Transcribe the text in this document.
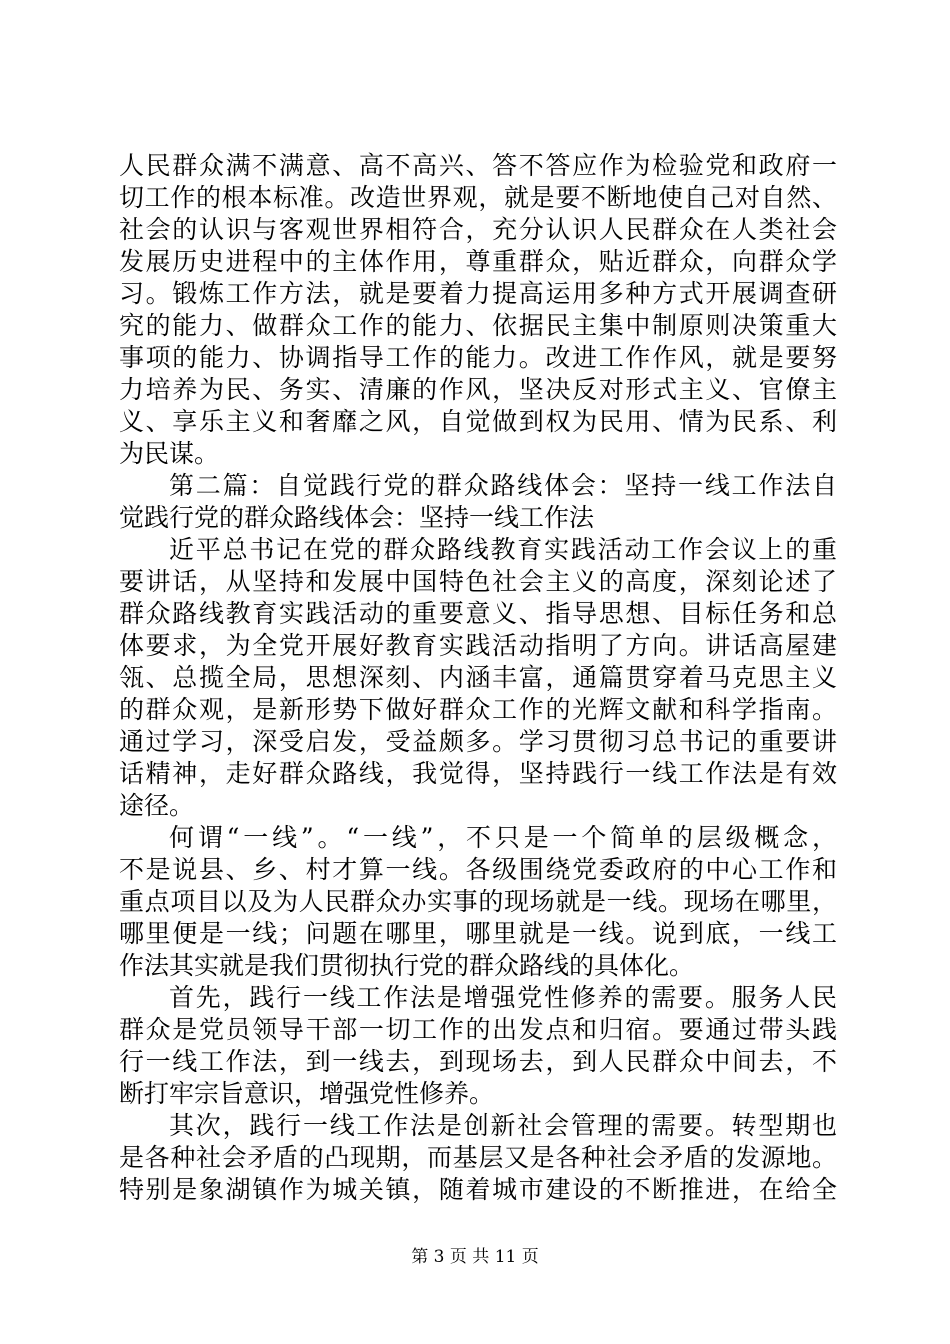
人民群众满不满意、高不高兴、答不答应作为检验党和政府一
切工作的根本标准。改造世界观，就是要不断地使自己对自然、
社会的认识与客观世界相符合，充分认识人民群众在人类社会
发展历史进程中的主体作用，尊重群众，贴近群众，向群众学
习。锻炼工作方法，就是要着力提高运用多种方式开展调查研
究的能力、做群众工作的能力、依据民主集中制原则决策重大
事项的能力、协调指导工作的能力。改进工作作风，就是要努
力培养为民、务实、清廉的作风，坚决反对形式主义、官僚主
义、享乐主义和奢靡之风，自觉做到权为民用、情为民系、利
为民谋。
第二篇：自觉践行党的群众路线体会：坚持一线工作法自
觉践行党的群众路线体会：坚持一线工作法
近平总书记在党的群众路线教育实践活动工作会议上的重
要讲话，从坚持和发展中国特色社会主义的高度，深刻论述了
群众路线教育实践活动的重要意义、指导思想、目标任务和总
体要求，为全党开展好教育实践活动指明了方向。讲话高屋建
瓴、总揽全局，思想深刻、内涵丰富，通篇贯穿着马克思主义
的群众观，是新形势下做好群众工作的光辉文献和科学指南。
通过学习，深受启发，受益颇多。学习贯彻习总书记的重要讲
话精神，走好群众路线，我觉得，坚持践行一线工作法是有效
途径。
何谓“一线”。“一线”，不只是一个简单的层级概念，
不是说县、乡、村才算一线。各级围绕党委政府的中心工作和
重点项目以及为人民群众办实事的现场就是一线。现场在哪里，
哪里便是一线；问题在哪里，哪里就是一线。说到底，一线工
作法其实就是我们贯彻执行党的群众路线的具体化。
首先，践行一线工作法是增强党性修养的需要。服务人民
群众是党员领导干部一切工作的出发点和归宿。要通过带头践
行一线工作法，到一线去，到现场去，到人民群众中间去，不
断打牢宗旨意识，增强党性修养。
其次，践行一线工作法是创新社会管理的需要。转型期也
是各种社会矛盾的凸现期，而基层又是各种社会矛盾的发源地。
特别是象湖镇作为城关镇，随着城市建设的不断推进，在给全
第 3 页 共 11 页
